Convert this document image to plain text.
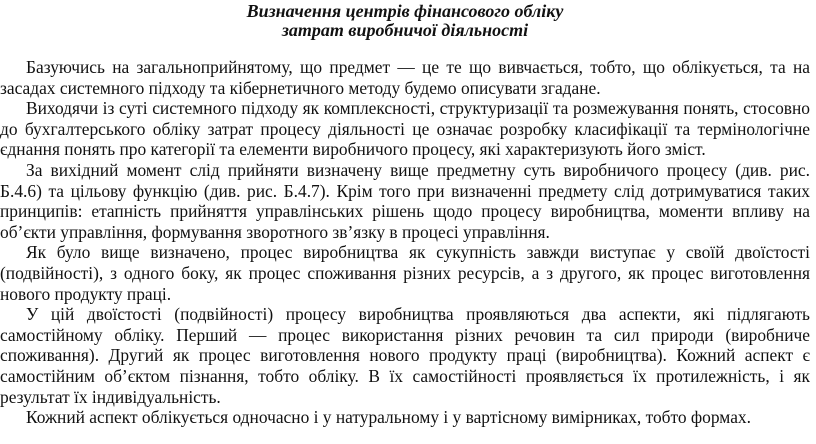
Визначення центрів фінансового обліку
затрат виробничої діяльності

Базуючись на загальноприйнятому, що предмет — це те що вивчається, тобто, що облікується, та на засадах системного підходу та кібернетичного методу будемо описувати згадане.

Виходячи із суті системного підходу як комплексності, структуризації та розмежування понять, стосовно до бухгалтерського обліку затрат процесу діяльності це означає розробку класифікації та термінологічне єднання понять про категорії та елементи виробничого процесу, які характеризують його зміст.

За вихідний момент слід прийняти визначену вище предметну суть виробничого процесу (див. рис. Б.4.6) та цільову функцію (див. рис. Б.4.7). Крім того при визначенні предмету слід дотримуватися таких принципів: етапність прийняття управлінських рішень щодо процесу виробництва, моменти впливу на об’єкти управління, формування зворотного зв’язку в процесі управління.

Як було вище визначено, процес виробництва як сукупність завжди виступає у своїй двоїстості (подвійності), з одного боку, як процес споживання різних ресурсів, а з другого, як процес виготовлення нового продукту праці.

У цій двоїстості (подвійності) процесу виробництва проявляються два аспекти, які підлягають самостійному обліку. Перший — процес використання різних речовин та сил природи (виробниче споживання). Другий як процес виготовлення нового продукту праці (виробництва). Кожний аспект є самостійним об’єктом пізнання, тобто обліку. В їх самостійності проявляється їх протилежність, і як результат їх індивідуальність.

Кожний аспект облікується одночасно і у натуральному і у вартісному вимірниках, тобто формах.
